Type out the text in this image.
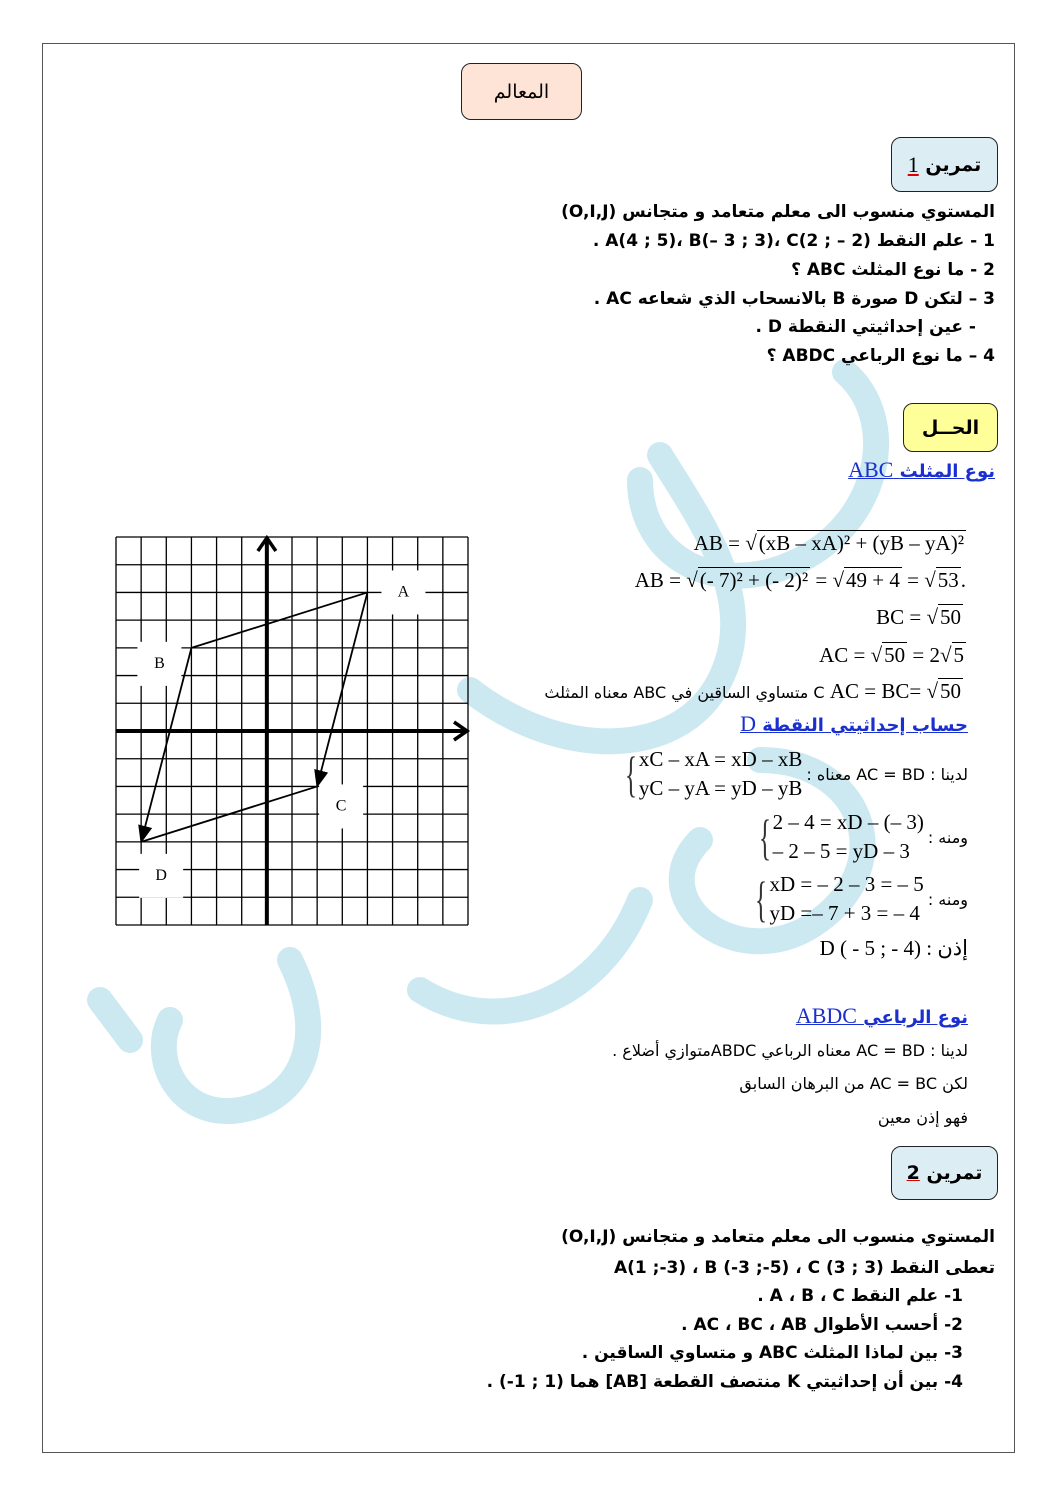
المعالم
تمرين

1
المستوي منسوب الى معلم متعامد و متجانس (O,I,J)
1 - علم النقط A(4 ; 5)، B(– 3 ; 3)، C(2 ; – 2) .
2 - ما نوع المثلث ABC ؟
3 – لتكن D صورة B بالانسحاب الذي شعاعه AC .
- عين إحداثيتي النقطة D .
4 – ما نوع الرباعي ABDC ؟
الحــل
نوع المثلث ABC
AB = √(xB – xA)² + (yB – yA)²
AB = √(- 7)² + (- 2)² = √49 + 4 = √53.
BC = √50
AC = √50 = 2√5
C متساوي الساقين في ABC معناه المثلث AC = BC= √50
حساب إحداثيتي النقطة D
{ xC – xA = xD – xB
yC – yA = yD – yB
لدينا : AC = BD معناه :
{ 2 – 4 = xD – (– 3)
– 2 – 5 = yD – 3
ومنه :
{ xD = – 2 – 3 = – 5
yD =– 7 + 3 = – 4
ومنه :
إذن : D ( - 5 ; - 4)
نوع الرباعي ABDC
لدينا : AC = BD معناه الرباعي ABDCمتوازي أضلاع .
لكن AC = BC من البرهان السابق
فهو إذن معين
A
B
C
D
تمرين

2
المستوي منسوب الى معلم متعامد و متجانس (O,I,J)
تعطى النقط A(1 ;-3) ، B (-3 ;-5) ، C (3 ; 3)
1- علم النقط A ، B ، C .
2- أحسب الأطوال AC ، BC ، AB .
3- بين لماذا المثلث ABC و متساوي الساقين .
4- بين أن إحداثيتي K منتصف القطعة [AB] هما (1 ; 1-) .
